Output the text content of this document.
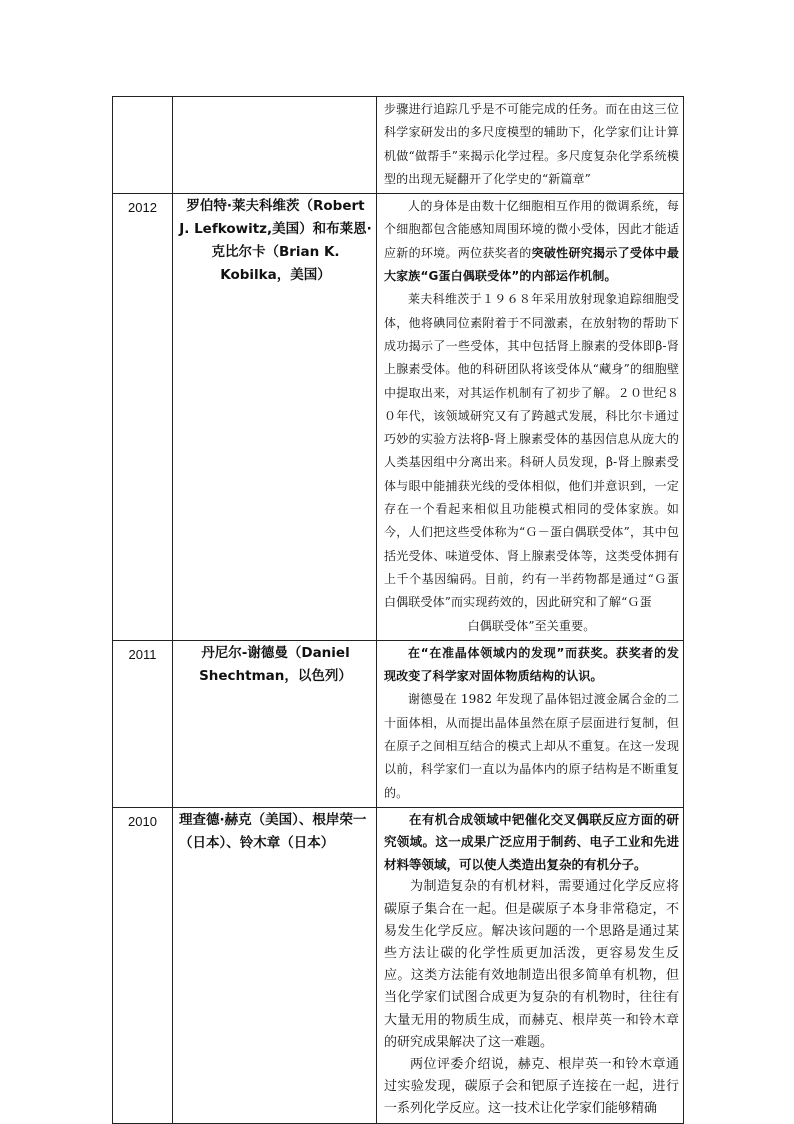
		步骤进行追踪几乎是不可能完成的任务。而在由这三位科学家研发出的多尺度模型的辅助下，化学家们让计算机做“做帮手”来揭示化学过程。多尺度复杂化学系统模型的出现无疑翻开了化学史的“新篇章”

2012	罗伯特·莱夫科维茨（Robert J. Lefkowitz,美国）和布莱恩·克比尔卡（Brian K. Kobilka，美国）	人的身体是由数十亿细胞相互作用的微调系统，每个细胞都包含能感知周围环境的微小受体，因此才能适应新的环境。两位获奖者的突破性研究揭示了受体中最大家族“G蛋白偶联受体”的内部运作机制。

莱夫科维茨于１９６８年采用放射现象追踪细胞受体，他将碘同位素附着于不同激素，在放射物的帮助下成功揭示了一些受体，其中包括肾上腺素的受体即β-肾上腺素受体。他的科研团队将该受体从“藏身”的细胞壁中提取出来，对其运作机制有了初步了解。２０世纪８０年代，该领域研究又有了跨越式发展，科比尔卡通过巧妙的实验方法将β-肾上腺素受体的基因信息从庞大的人类基因组中分离出来。科研人员发现，β-肾上腺素受体与眼中能捕获光线的受体相似，他们并意识到，一定存在一个看起来相似且功能模式相同的受体家族。如今，人们把这些受体称为“Ｇ－蛋白偶联受体”，其中包括光受体、味道受体、肾上腺素受体等，这类受体拥有上千个基因编码。目前，约有一半药物都是通过“Ｇ蛋白偶联受体”而实现药效的，因此研究和了解“Ｇ蛋

白偶联受体”至关重要。

2011	丹尼尔-谢德曼（Daniel Shechtman，以色列）	在“在准晶体领域内的发现”而获奖。获奖者的发现改变了科学家对固体物质结构的认识。

谢德曼在 1982 年发现了晶体铝过渡金属合金的二十面体相，从而提出晶体虽然在原子层面进行复制，但在原子之间相互结合的模式上却从不重复。在这一发现以前，科学家们一直以为晶体内的原子结构是不断重复的。

2010	理查德·赫克（美国）、根岸荣一（日本）、铃木章（日本）	在有机合成领域中钯催化交叉偶联反应方面的研究领域。这一成果广泛应用于制药、电子工业和先进材料等领域，可以使人类造出复杂的有机分子。

为制造复杂的有机材料，需要通过化学反应将碳原子集合在一起。但是碳原子本身非常稳定，不易发生化学反应。解决该问题的一个思路是通过某些方法让碳的化学性质更加活泼，更容易发生反应。这类方法能有效地制造出很多简单有机物，但当化学家们试图合成更为复杂的有机物时，往往有大量无用的物质生成，而赫克、根岸英一和铃木章的研究成果解决了这一难题。

两位评委介绍说，赫克、根岸英一和铃木章通过实验发现，碳原子会和钯原子连接在一起，进行一系列化学反应。这一技术让化学家们能够精确
